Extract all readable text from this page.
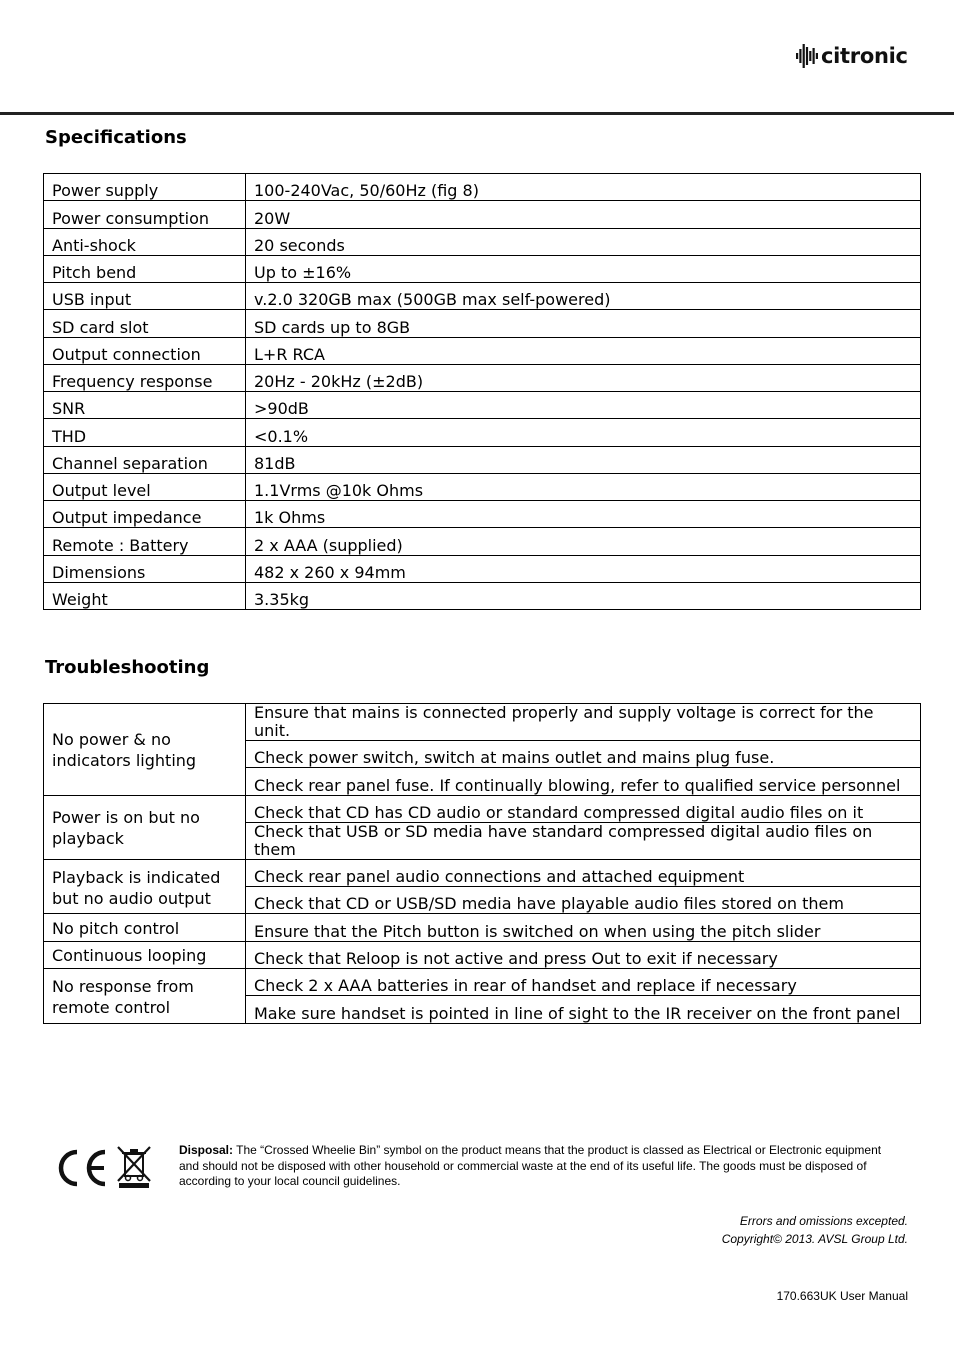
citronic
Specifications
Power supply	100-240Vac, 50/60Hz (fig 8)
Power consumption	20W
Anti-shock	20 seconds
Pitch bend	Up to ±16%
USB input	v.2.0 320GB max (500GB max self-powered)
SD card slot	SD cards up to 8GB
Output connection	L+R RCA
Frequency response	20Hz - 20kHz (±2dB)
SNR	>90dB
THD	<0.1%
Channel separation	81dB
Output level	1.1Vrms @10k Ohms
Output impedance	1k Ohms
Remote : Battery	2 x AAA (supplied)
Dimensions	482 x 260 x 94mm
Weight	3.35kg
Troubleshooting
No power & no indicators lighting	Ensure that mains is connected properly and supply voltage is correct for the unit.
	Check power switch, switch at mains outlet and mains plug fuse.
	Check rear panel fuse. If continually blowing, refer to qualified service personnel
Power is on but no playback	Check that CD has CD audio or standard compressed digital audio files on it
	Check that USB or SD media have standard compressed digital audio files on them
Playback is indicated but no audio output	Check rear panel audio connections and attached equipment
	Check that CD or USB/SD media have playable audio files stored on them
No pitch control	Ensure that the Pitch button is switched on when using the pitch slider
Continuous looping	Check that Reloop is not active and press Out to exit if necessary
No response from remote control	Check 2 x AAA batteries in rear of handset and replace if necessary
	Make sure handset is pointed in line of sight to the IR receiver on the front panel

Disposal: The “Crossed Wheelie Bin” symbol on the product means that the product is classed as Electrical or Electronic equipment and should not be disposed with other household or commercial waste at the end of its useful life. The goods must be disposed of according to your local council guidelines.

Errors and omissions excepted.
Copyright© 2013. AVSL Group Ltd.
170.663UK User Manual
